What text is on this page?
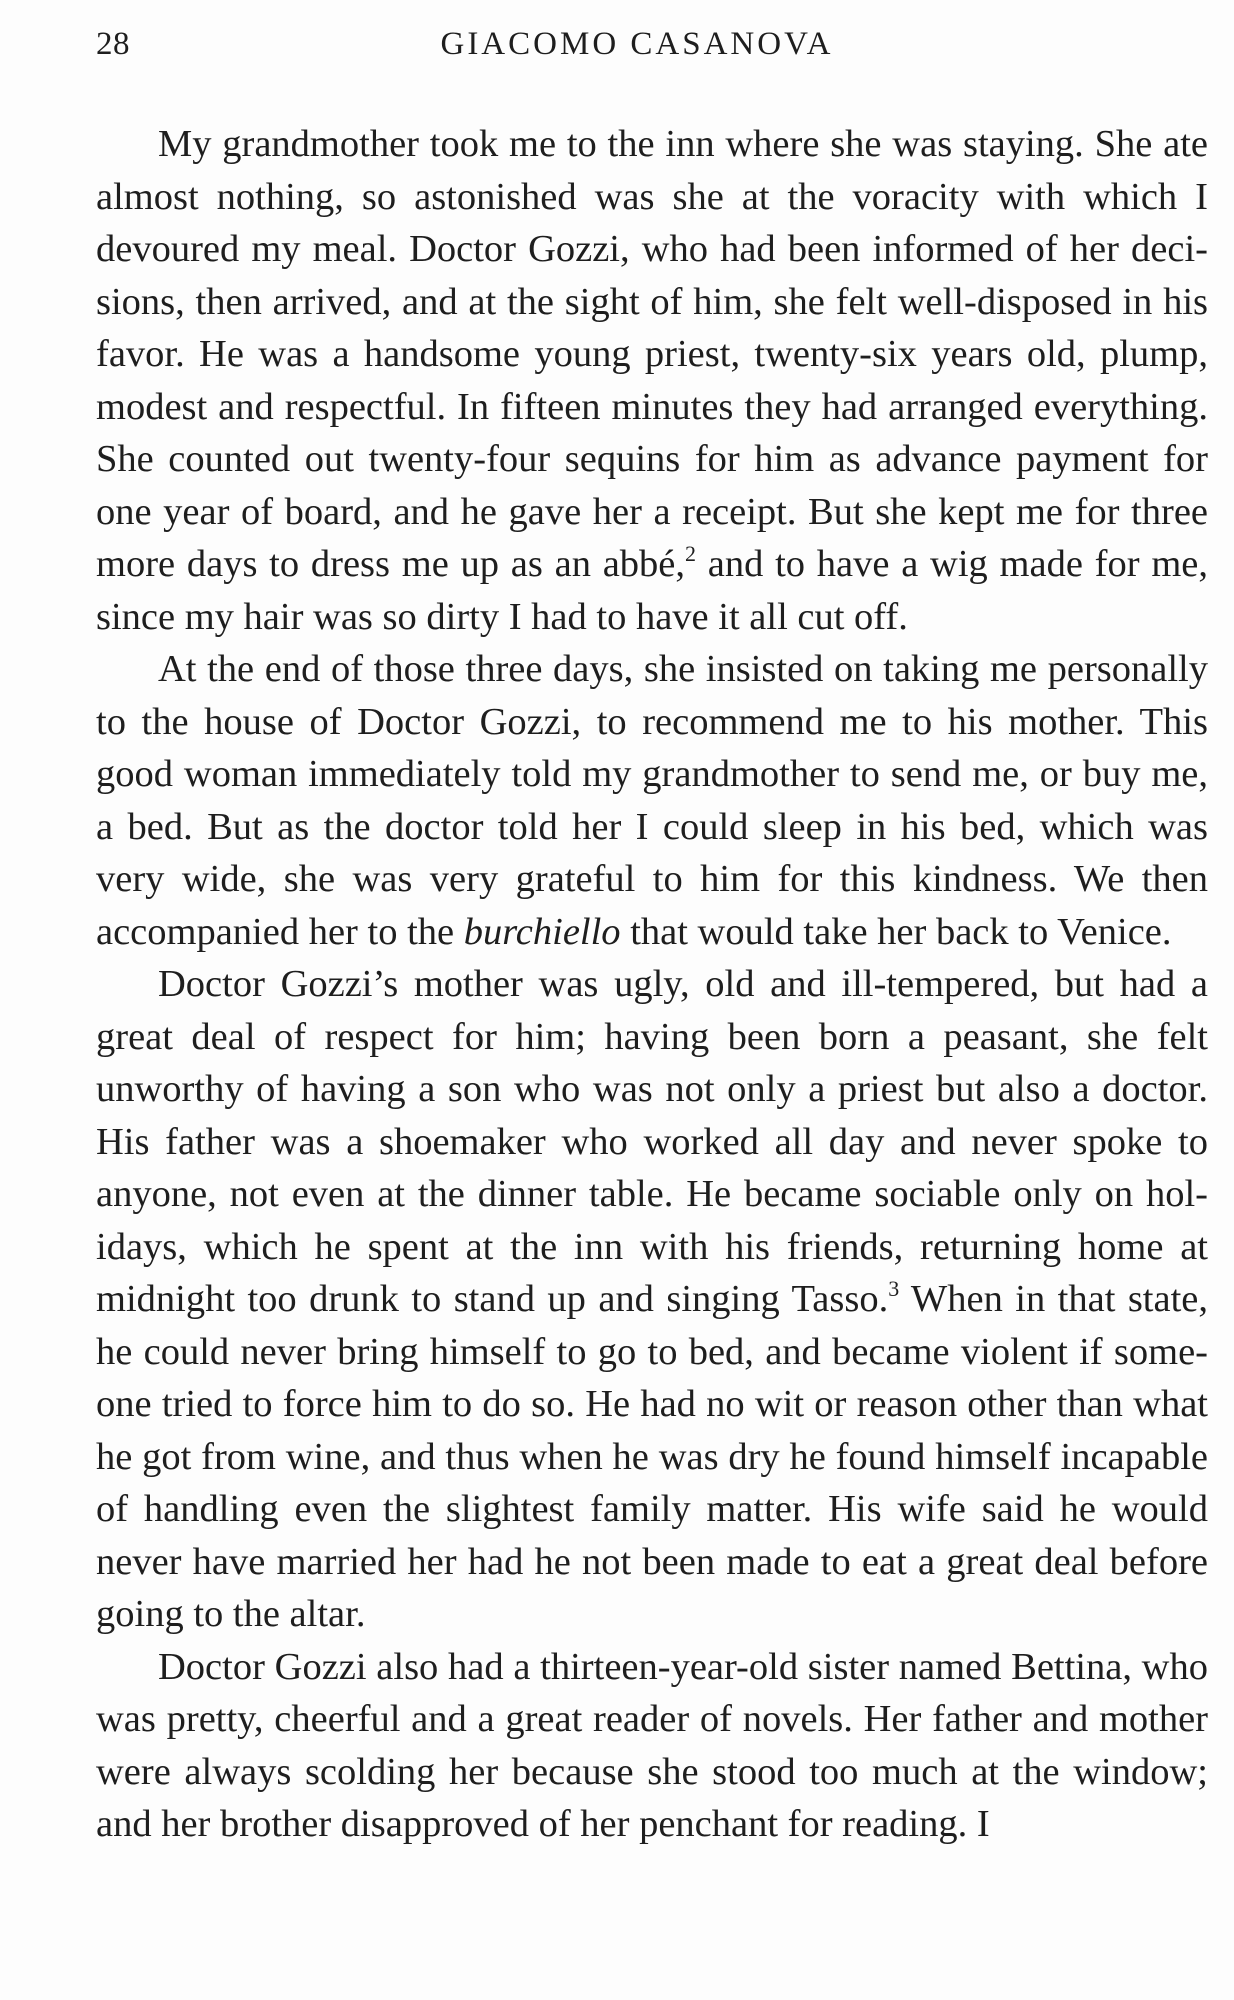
28	GIACOMO CASANOVA

My grandmother took me to the inn where she was staying. She ate almost nothing, so astonished was she at the voracity with which I devoured my meal. Doctor Gozzi, who had been informed of her decisions, then arrived, and at the sight of him, she felt well-disposed in his favor. He was a handsome young priest, twenty-six years old, plump, modest and respectful. In fifteen minutes they had arranged everything. She counted out twenty-four sequins for him as advance payment for one year of board, and he gave her a receipt. But she kept me for three more days to dress me up as an abbé,$^2$ and to have a wig made for me, since my hair was so dirty I had to have it all cut off.

At the end of those three days, she insisted on taking me personally to the house of Doctor Gozzi, to recommend me to his mother. This good woman immediately told my grandmother to send me, or buy me, a bed. But as the doctor told her I could sleep in his bed, which was very wide, she was very grateful to him for this kindness. We then accompanied her to the burchiello that would take her back to Venice.

Doctor Gozzi’s mother was ugly, old and ill-tempered, but had a great deal of respect for him; having been born a peasant, she felt unworthy of having a son who was not only a priest but also a doctor. His father was a shoemaker who worked all day and never spoke to anyone, not even at the dinner table. He became sociable only on holidays, which he spent at the inn with his friends, returning home at midnight too drunk to stand up and singing Tasso.$^3$ When in that state, he could never bring himself to go to bed, and became violent if someone tried to force him to do so. He had no wit or reason other than what he got from wine, and thus when he was dry he found himself incapable of handling even the slightest family matter. His wife said he would never have married her had he not been made to eat a great deal before going to the altar.

Doctor Gozzi also had a thirteen-year-old sister named Bettina, who was pretty, cheerful and a great reader of novels. Her father and mother were always scolding her because she stood too much at the window; and her brother disapproved of her penchant for reading. I
